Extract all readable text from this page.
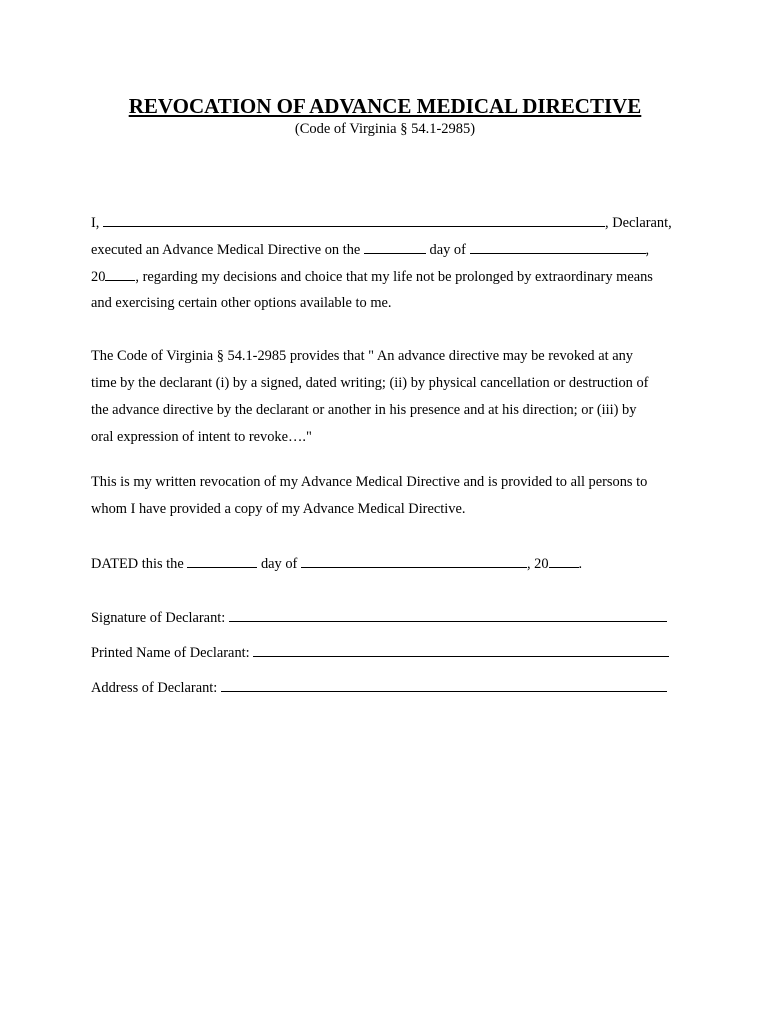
REVOCATION OF ADVANCE MEDICAL DIRECTIVE
(Code of Virginia § 54.1-2985)
I,	, Declarant,
executed an Advance Medical Directive on the	day of	,
20 , regarding my decisions and choice that my life not be prolonged by extraordinary means
and exercising certain other options available to me.
The Code of Virginia § 54.1-2985 provides that " An advance directive may be revoked at any
time by the declarant (i) by a signed, dated writing; (ii) by physical cancellation or destruction of
the advance directive by the declarant or another in his presence and at his direction; or (iii) by
oral expression of intent to revoke…."
This is my written revocation of my Advance Medical Directive and is provided to all persons to
whom I have provided a copy of my Advance Medical Directive.
DATED this the	day of	, 20 .
Signature of Declarant:
Printed Name of Declarant:
Address of Declarant:
